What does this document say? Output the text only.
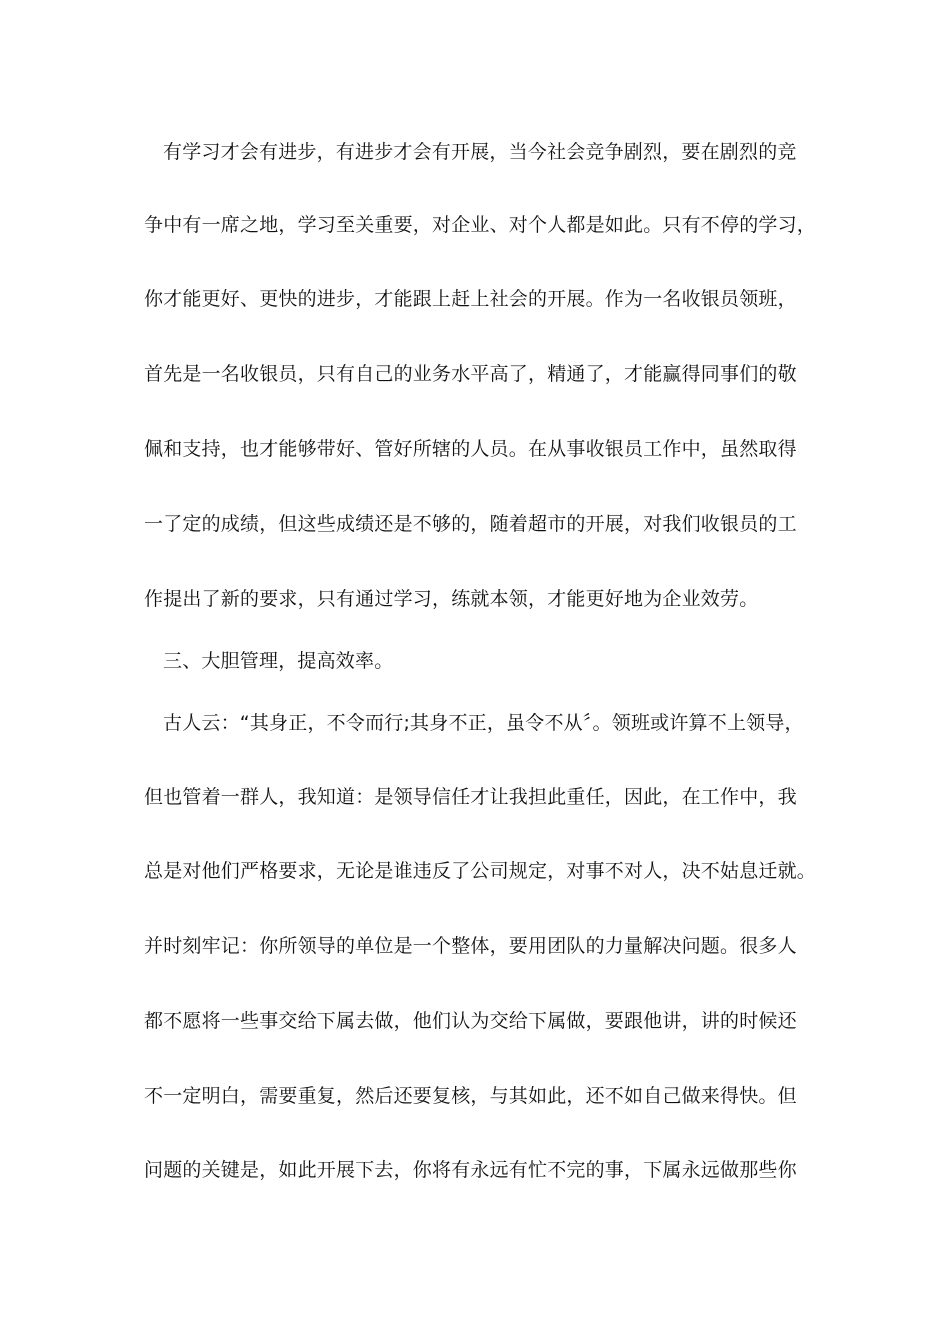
有学习才会有进步，有进步才会有开展，当今社会竞争剧烈，要在剧烈的竞
争中有一席之地，学习至关重要，对企业、对个人都是如此。只有不停的学习，
你才能更好、更快的进步，才能跟上赶上社会的开展。作为一名收银员领班，
首先是一名收银员，只有自己的业务水平高了，精通了，才能赢得同事们的敬
佩和支持，也才能够带好、管好所辖的人员。在从事收银员工作中，虽然取得
一了定的成绩，但这些成绩还是不够的，随着超市的开展，对我们收银员的工
作提出了新的要求，只有通过学习，练就本领，才能更好地为企业效劳。
三、大胆管理，提高效率。
古人云：“其身正，不令而行;其身不正，虽令不从〞。领班或许算不上领导，
但也管着一群人，我知道：是领导信任才让我担此重任，因此，在工作中，我
总是对他们严格要求，无论是谁违反了公司规定，对事不对人，决不姑息迁就。
并时刻牢记：你所领导的单位是一个整体，要用团队的力量解决问题。很多人
都不愿将一些事交给下属去做，他们认为交给下属做，要跟他讲，讲的时候还
不一定明白，需要重复，然后还要复核，与其如此，还不如自己做来得快。但
问题的关键是，如此开展下去，你将有永远有忙不完的事，下属永远做那些你
